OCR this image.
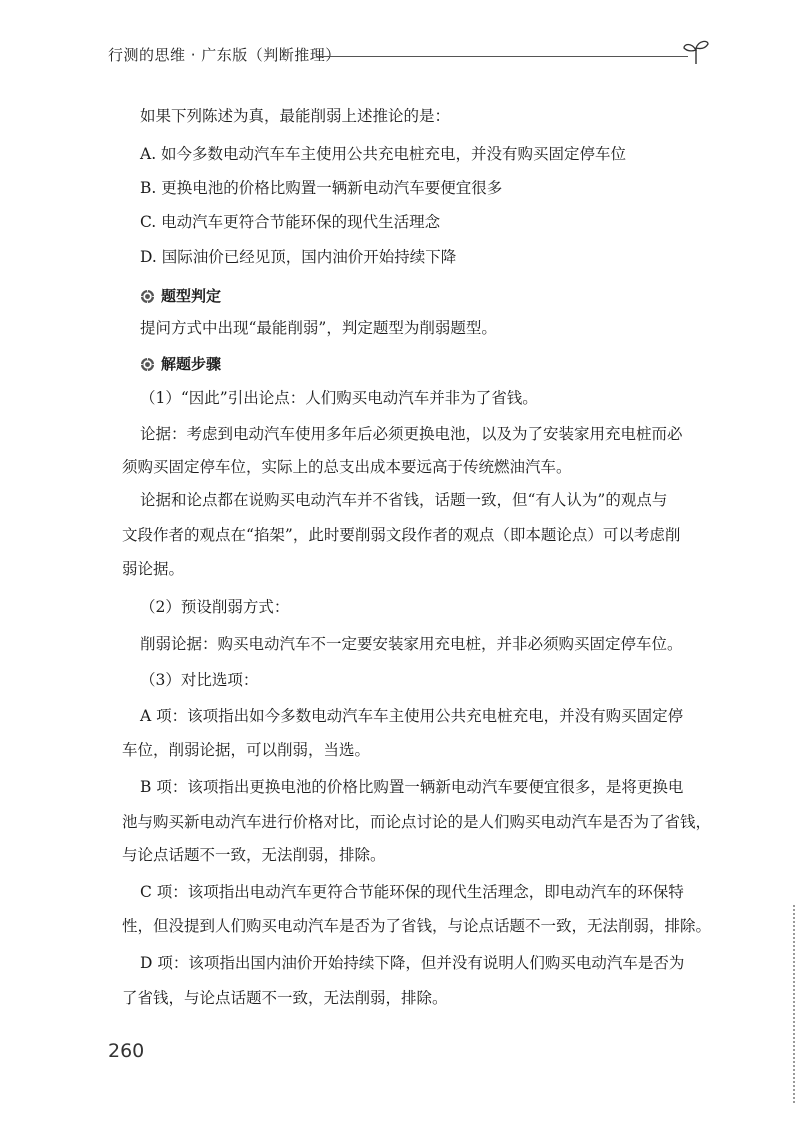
行测的思维 · 广东版（判断推理）
如果下列陈述为真，最能削弱上述推论的是：
A. 如今多数电动汽车车主使用公共充电桩充电，并没有购买固定停车位
B. 更换电池的价格比购置一辆新电动汽车要便宜很多
C. 电动汽车更符合节能环保的现代生活理念
D. 国际油价已经见顶，国内油价开始持续下降
题型判定
提问方式中出现“最能削弱”，判定题型为削弱题型。
解题步骤
（1）“因此”引出论点：人们购买电动汽车并非为了省钱。
论据：考虑到电动汽车使用多年后必须更换电池，以及为了安装家用充电桩而必
须购买固定停车位，实际上的总支出成本要远高于传统燃油汽车。
论据和论点都在说购买电动汽车并不省钱，话题一致，但“有人认为”的观点与
文段作者的观点在“掐架”，此时要削弱文段作者的观点（即本题论点）可以考虑削
弱论据。
（2）预设削弱方式：
削弱论据：购买电动汽车不一定要安装家用充电桩，并非必须购买固定停车位。
（3）对比选项：
A 项：该项指出如今多数电动汽车车主使用公共充电桩充电，并没有购买固定停
车位，削弱论据，可以削弱，当选。
B 项：该项指出更换电池的价格比购置一辆新电动汽车要便宜很多，是将更换电
池与购买新电动汽车进行价格对比，而论点讨论的是人们购买电动汽车是否为了省钱，
与论点话题不一致，无法削弱，排除。
C 项：该项指出电动汽车更符合节能环保的现代生活理念，即电动汽车的环保特
性，但没提到人们购买电动汽车是否为了省钱，与论点话题不一致，无法削弱，排除。
D 项：该项指出国内油价开始持续下降，但并没有说明人们购买电动汽车是否为
了省钱，与论点话题不一致，无法削弱，排除。
260
